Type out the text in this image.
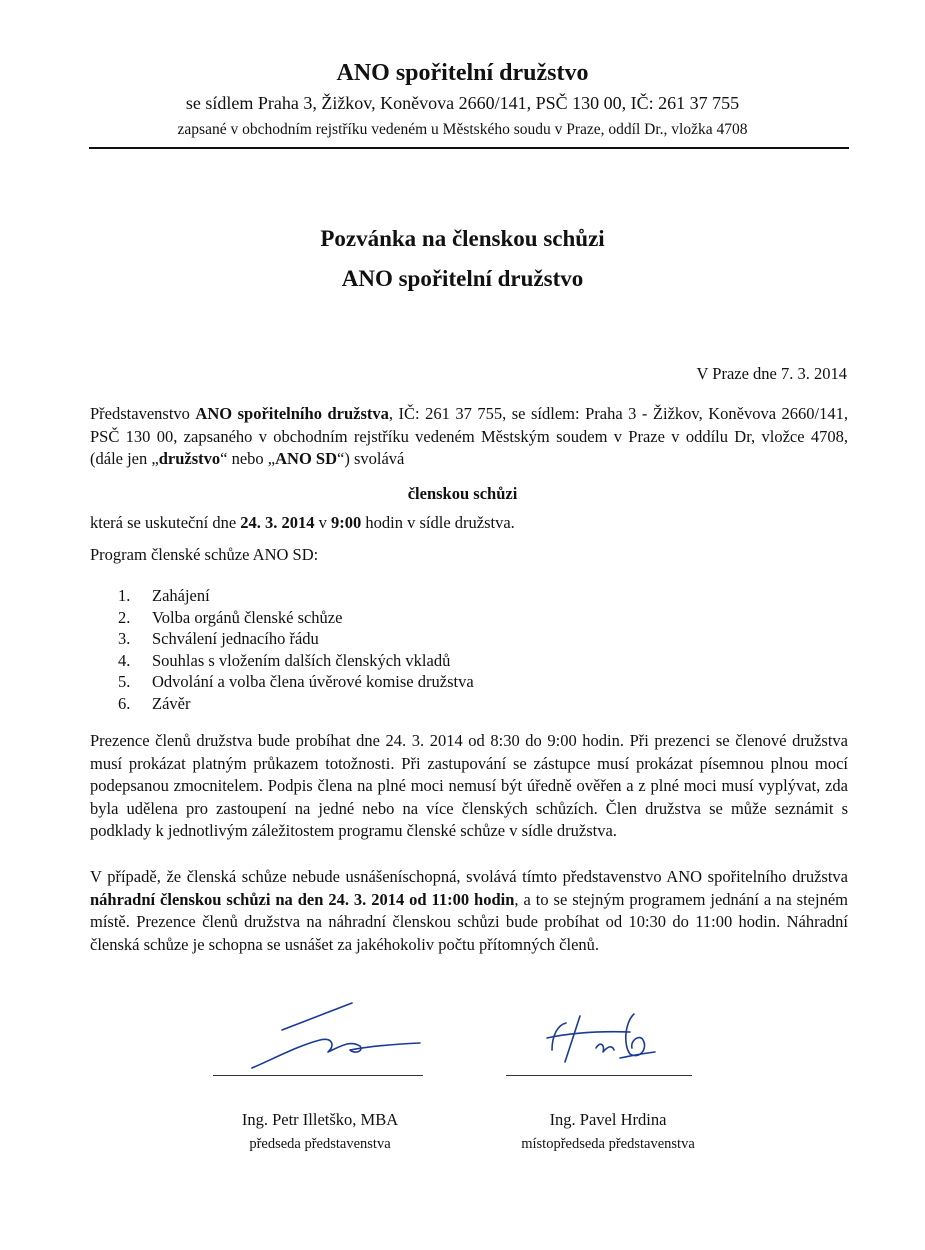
ANO spořitelní družstvo
se sídlem Praha 3, Žižkov, Koněvova 2660/141, PSČ 130 00, IČ: 261 37 755
zapsané v obchodním rejstříku vedeném u Městského soudu v Praze, oddíl Dr., vložka 4708
Pozvánka na členskou schůzi
ANO spořitelní družstvo
V Praze dne 7. 3. 2014
Představenstvo ANO spořitelního družstva, IČ: 261 37 755, se sídlem: Praha 3 - Žižkov, Koněvova 2660/141, PSČ 130 00, zapsaného v obchodním rejstříku vedeném Městským soudem v Praze v oddílu Dr, vložce 4708, (dále jen „družstvo“ nebo „ANO SD“) svolává
členskou schůzi
která se uskuteční dne 24. 3. 2014 v 9:00 hodin v sídle družstva.
Program členské schůze ANO SD:
1.	Zahájení
2.	Volba orgánů členské schůze
3.	Schválení jednacího řádu
4.	Souhlas s vložením dalších členských vkladů
5.	Odvolání a volba člena úvěrové komise družstva
6.	Závěr

Prezence členů družstva bude probíhat dne 24. 3. 2014 od 8:30 do 9:00 hodin. Při prezenci se členové družstva musí prokázat platným průkazem totožnosti. Při zastupování se zástupce musí prokázat písemnou plnou mocí podepsanou zmocnitelem. Podpis člena na plné moci nemusí být úředně ověřen a z plné moci musí vyplývat, zda byla udělena pro zastoupení na jedné nebo na více členských schůzích. Člen družstva se může seznámit s podklady k jednotlivým záležitostem programu členské schůze v sídle družstva.

V případě, že členská schůze nebude usnášeníschopná, svolává tímto představenstvo ANO spořitelního družstva náhradní členskou schůzi na den 24. 3. 2014 od 11:00 hodin, a to se stejným programem jednání a na stejném místě. Prezence členů družstva na náhradní členskou schůzi bude probíhat od 10:30 do 11:00 hodin. Náhradní členská schůze je schopna se usnášet za jakéhokoliv počtu přítomných členů.
Ing. Petr Illetško, MBA
předseda představenstva
Ing. Pavel Hrdina
místopředseda představenstva
